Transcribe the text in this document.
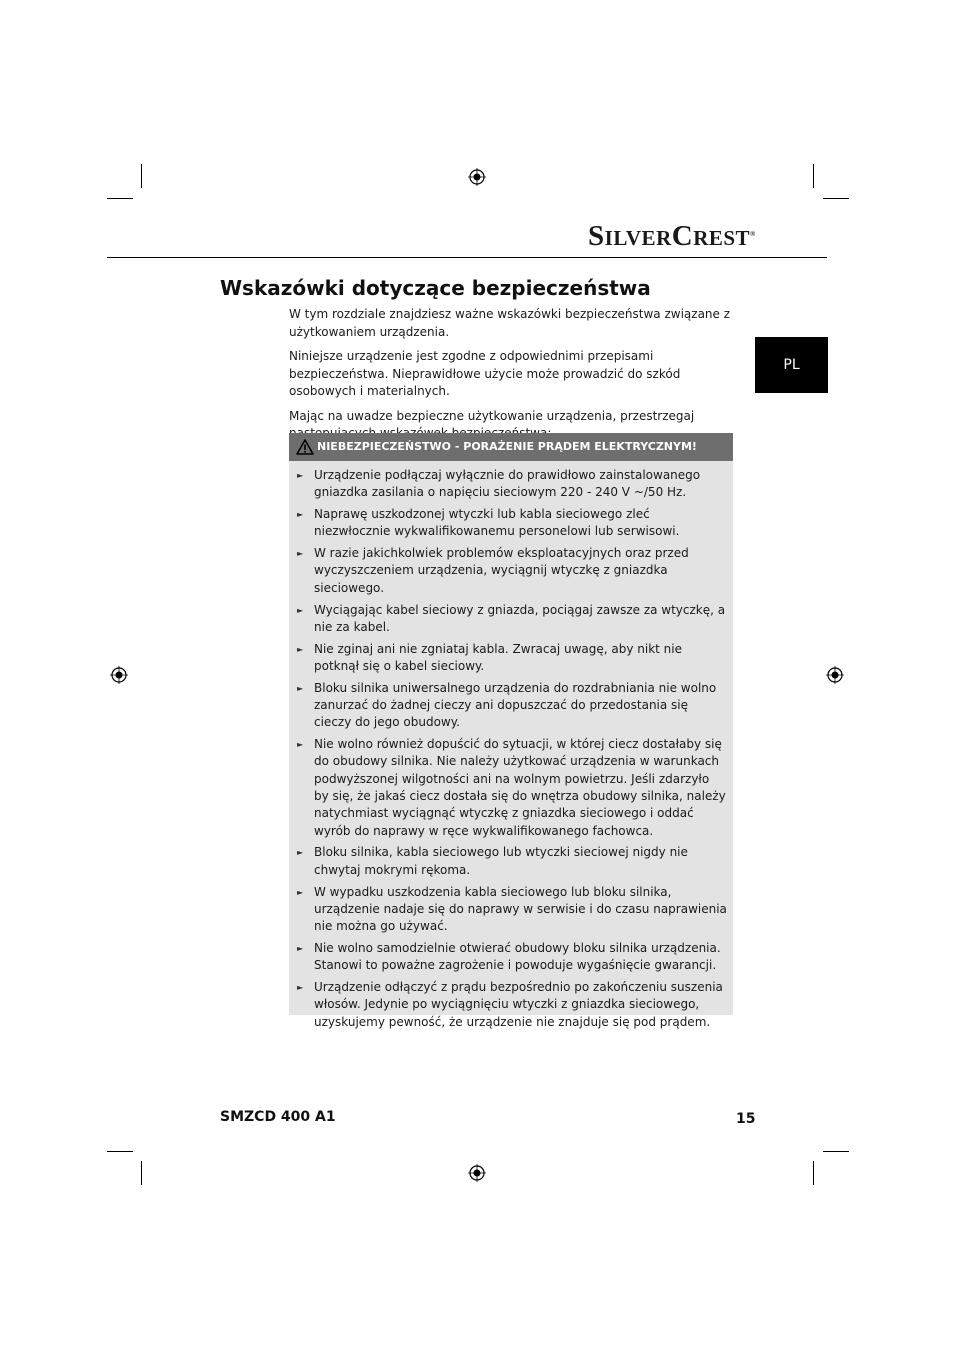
SILVERCREST®
Wskazówki dotyczące bezpieczeństwa
PL

W tym rozdziale znajdziesz ważne wskazówki bezpieczeństwa związane z użytkowaniem urządzenia.

Niniejsze urządzenie jest zgodne z odpowiednimi przepisami bezpieczeństwa. Nieprawidłowe użycie może prowadzić do szkód osobowych i materialnych.

Mając na uwadze bezpieczne użytkowanie urządzenia, przestrzegaj

NIEBEZPIECZEŃSTWO - PORAŻENIE PRĄDEM ELEKTRYCZNYM!
► Urządzenie podłączaj wyłącznie do prawidłowo zainstalowanego gniazdka zasilania o napięciu sieciowym 220 - 240 V ~/50 Hz.
► Naprawę uszkodzonej wtyczki lub kabla sieciowego zleć niezwłocznie wykwalifikowanemu personelowi lub serwisowi.
► W razie jakichkolwiek problemów eksploatacyjnych oraz przed wyczyszczeniem urządzenia, wyciągnij wtyczkę z gniazdka sieciowego.
► Wyciągając kabel sieciowy z gniazda, pociągaj zawsze za wtyczkę, a nie za kabel.
► Nie zginaj ani nie zgniataj kabla. Zwracaj uwagę, aby nikt nie potknął się o kabel sieciowy.
► Bloku silnika uniwersalnego urządzenia do rozdrabniania nie wolno zanurzać do żadnej cieczy ani dopuszczać do przedostania się cieczy do jego obudowy.
► Nie wolno również dopuścić do sytuacji, w której ciecz dostałaby się do obudowy silnika. Nie należy użytkować urządzenia w warunkach podwyższonej wilgotności ani na wolnym powietrzu. Jeśli zdarzyło by się, że jakaś ciecz dostała się do wnętrza obudowy silnika, należy natychmiast wyciągnąć wtyczkę z gniazdka sieciowego i oddać wyrób do naprawy w ręce wykwalifikowanego fachowca.
► Bloku silnika, kabla sieciowego lub wtyczki sieciowej nigdy nie chwytaj mokrymi rękoma.
► W wypadku uszkodzenia kabla sieciowego lub bloku silnika, urządzenie nadaje się do naprawy w serwisie i do czasu naprawienia nie można go używać.
► Nie wolno samodzielnie otwierać obudowy bloku silnika urządzenia. Stanowi to poważne zagrożenie i powoduje wygaśnięcie gwarancji.
► Urządzenie odłączyć z prądu bezpośrednio po zakończeniu suszenia włosów. Jedynie po wyciągnięciu wtyczki z gniazdka sieciowego, uzyskujemy pewność, że urządzenie nie znajduje się pod prądem.
SMZCD 400 A1	15
